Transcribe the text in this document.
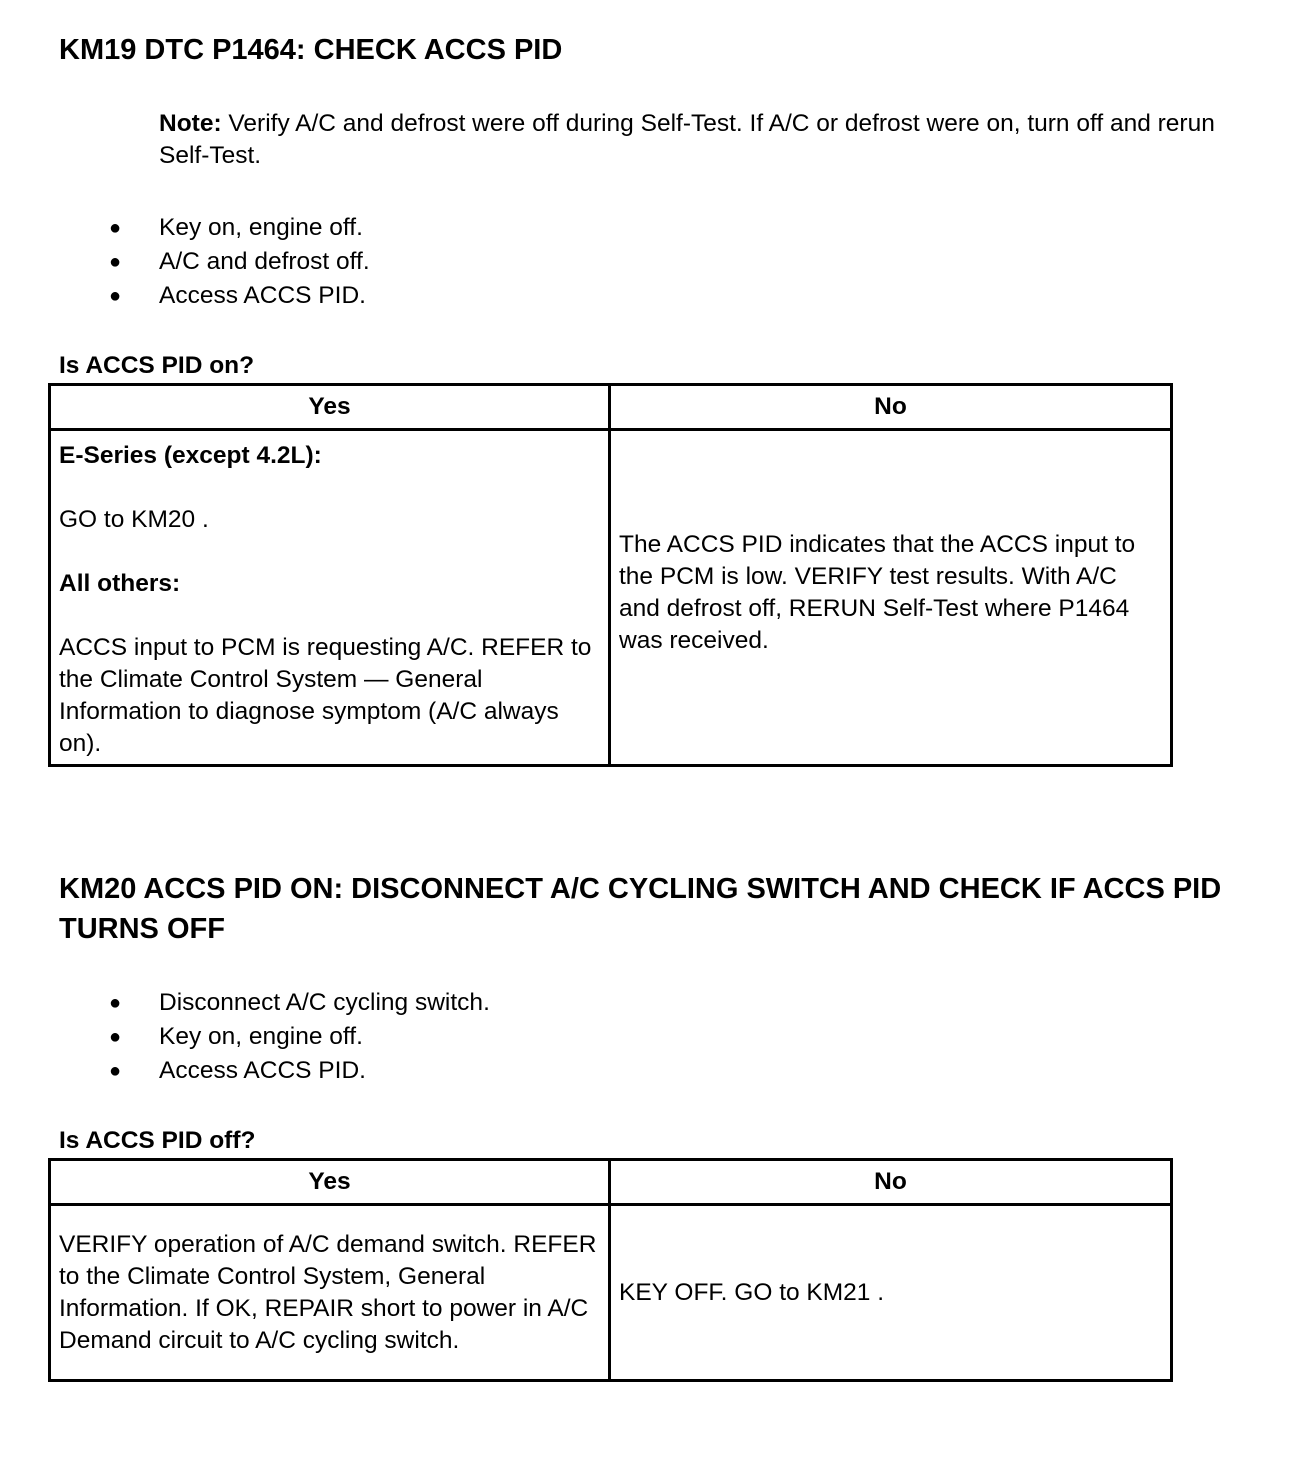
KM19 DTC P1464: CHECK ACCS PID

Note: Verify A/C and defrost were off during Self-Test. If A/C or defrost were on, turn off and rerun Self-Test.

● Key on, engine off.
● A/C and defrost off.
● Access ACCS PID.

Is ACCS PID on?

Yes	No

E-Series (except 4.2L):

GO to KM20 .

All others:

ACCS input to PCM is requesting A/C. REFER to the Climate Control System — General Information to diagnose symptom (A/C always on).	The ACCS PID indicates that the ACCS input to the PCM is low. VERIFY test results. With A/C and defrost off, RERUN Self-Test where P1464 was received.

KM20 ACCS PID ON: DISCONNECT A/C CYCLING SWITCH AND CHECK IF ACCS PID TURNS OFF
● Disconnect A/C cycling switch.
● Key on, engine off.
● Access ACCS PID.

Is ACCS PID off?

Yes	No

VERIFY operation of A/C demand switch. REFER to the Climate Control System, General Information. If OK, REPAIR short to power in A/C Demand circuit to A/C cycling switch.	KEY OFF. GO to KM21 .
